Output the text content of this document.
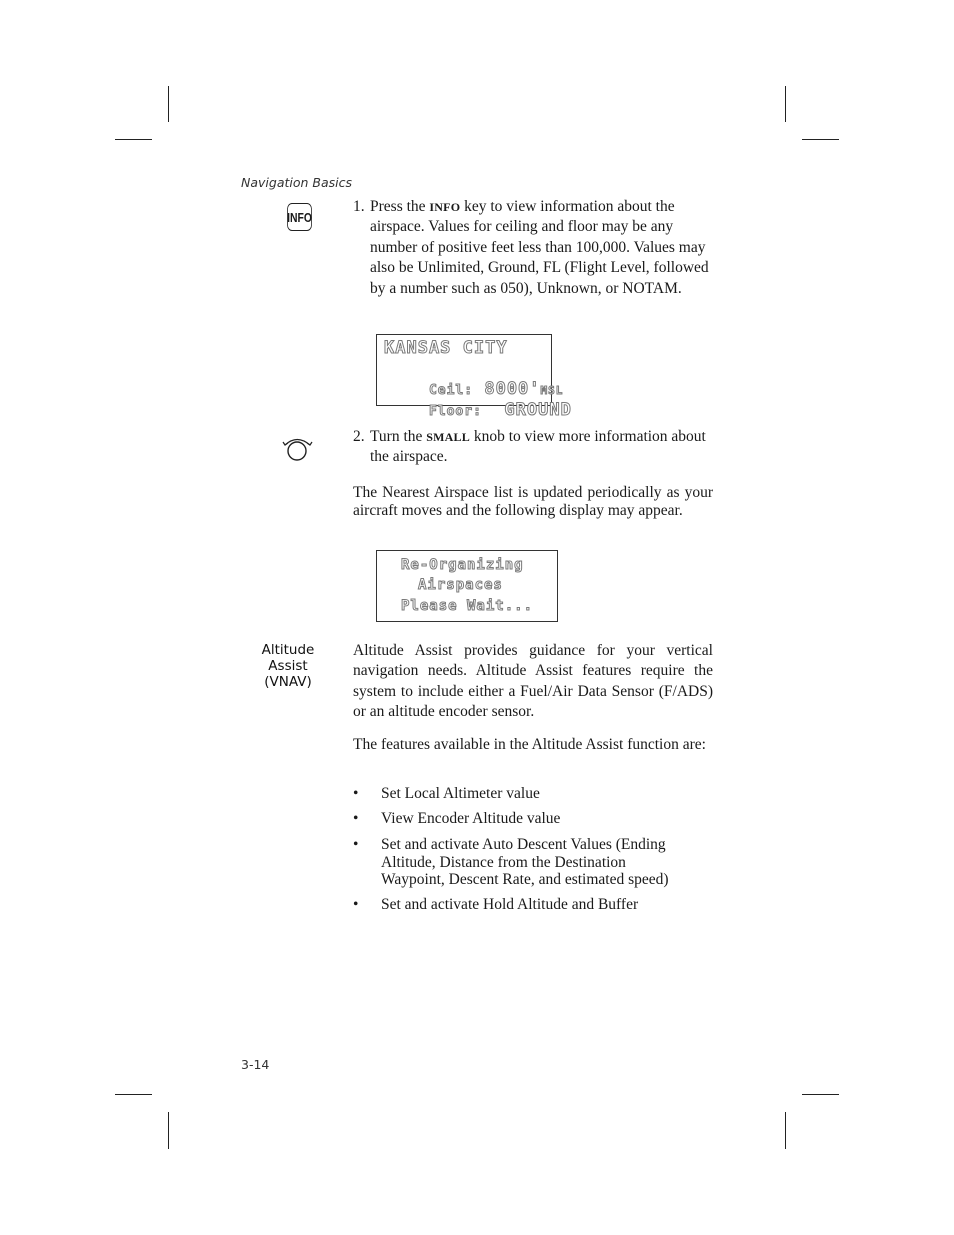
Navigation Basics
INFO
1. Press the INFO key to view information about the airspace. Values for ceiling and floor may be any number of positive feet less than 100,000. Values may also be Unlimited, Ground, FL (Flight Level, followed by a number such as 050), Unknown, or NOTAM.
KANSAS CITY

Ceil: 8000'MSL

Floor: GROUND

2. Turn the SMALL knob to view more information about the airspace.
The Nearest Airspace list is updated periodically as your aircraft moves and the following display may appear.
Re-Organizing
Airspaces
Please Wait...
Altitude
Assist
(VNAV)
Altitude Assist provides guidance for your vertical navigation needs. Altitude Assist features require the system to include either a Fuel/Air Data Sensor (F/ADS) or an altitude encoder sensor.
The features available in the Altitude Assist function are:
• Set Local Altimeter value
• View Encoder Altitude value
• Set and activate Auto Descent Values (Ending Altitude, Distance from the Destination Waypoint, Descent Rate, and estimated speed)
• Set and activate Hold Altitude and Buffer
3-14
